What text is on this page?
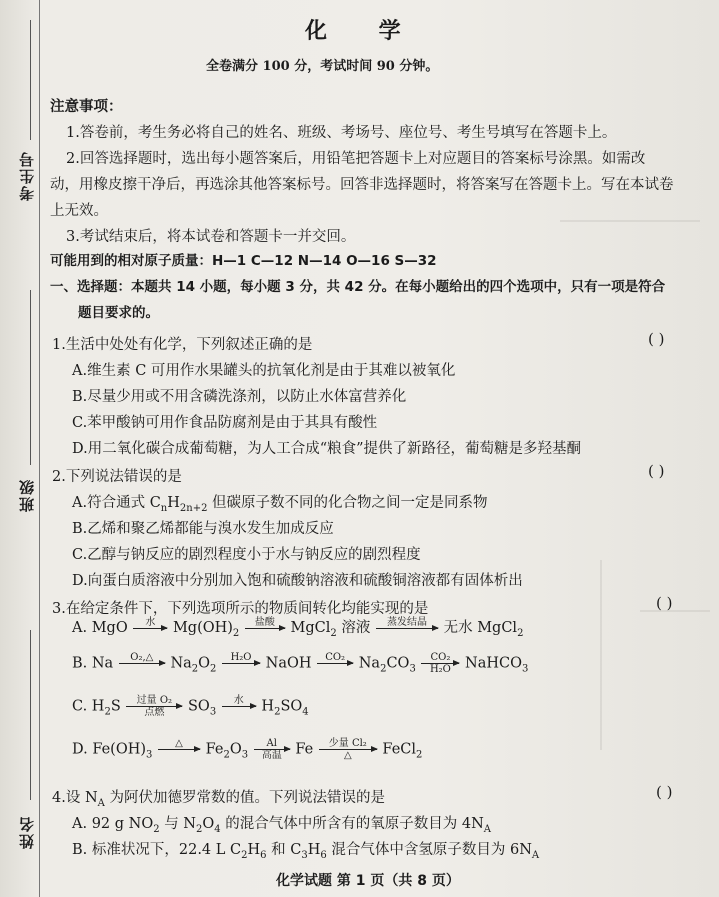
考生号
班级
姓名
化 学
全卷满分 100 分，考试时间 90 分钟。
注意事项：
1.答卷前，考生务必将自己的姓名、班级、考场号、座位号、考生号填写在答题卡上。
2.回答选择题时，选出每小题答案后，用铅笔把答题卡上对应题目的答案标号涂黑。如需改
动，用橡皮擦干净后，再选涂其他答案标号。回答非选择题时，将答案写在答题卡上。写在本试卷
上无效。
3.考试结束后，将本试卷和答题卡一并交回。
可能用到的相对原子质量：H—1 C—12 N—14 O—16 S—32
一、选择题：本题共 14 小题，每小题 3 分，共 42 分。在每小题给出的四个选项中，只有一项是符合
题目要求的。
1.生活中处处有化学，下列叙述正确的是	( )
A.维生素 C 可用作水果罐头的抗氧化剂是由于其难以被氧化
B.尽量少用或不用含磷洗涤剂，以防止水体富营养化
C.苯甲酸钠可用作食品防腐剂是由于其具有酸性
D.用二氧化碳合成葡萄糖，为人工合成“粮食”提供了新路径，葡萄糖是多羟基酮
2.下列说法错误的是	( )
A.符合通式 $C_nH_{2n+2}$ 但碳原子数不同的化合物之间一定是同系物
B.乙烯和聚乙烯都能与溴水发生加成反应
C.乙醇与钠反应的剧烈程度小于水与钠反应的剧烈程度
D.向蛋白质溶液中分别加入饱和硫酸钠溶液和硫酸铜溶液都有固体析出
3.在给定条件下，下列选项所示的物质间转化均能实现的是	( )
A. MgO	水
	$Mg(OH)_2$
盐酸
	MgCl$_2$ 溶液	蒸发结晶
	无水 MgCl$_2$
B. Na	O₂,△
	$Na_2O_2$
H₂O
NaOH	CO₂
$Na_2CO_3 \frac{\text{CO₂}}{\text{H₂O}}$ NaHCO$_3$
C. $H_2S$	过量 O₂
点燃	$SO_3$
水
	$H_2SO_4$
D. $Fe(OH)_3$
△
	$Fe_2O_3$
Al
高温 Fe	少量 Cl₂
△	FeCl$_2$
4.设 $N_A$ 为阿伏加德罗常数的值。下列说法错误的是	( )
A. 92 g $NO_2$ 与 $N_2O_4$ 的混合气体中所含有的氧原子数目为 $4N_A$
B. 标准状况下，22.4 L $C_2H_6$ 和 $C_3H_6$ 混合气体中含氢原子数目为 $6N_A$
化学试题 第 1 页（共 8 页）
